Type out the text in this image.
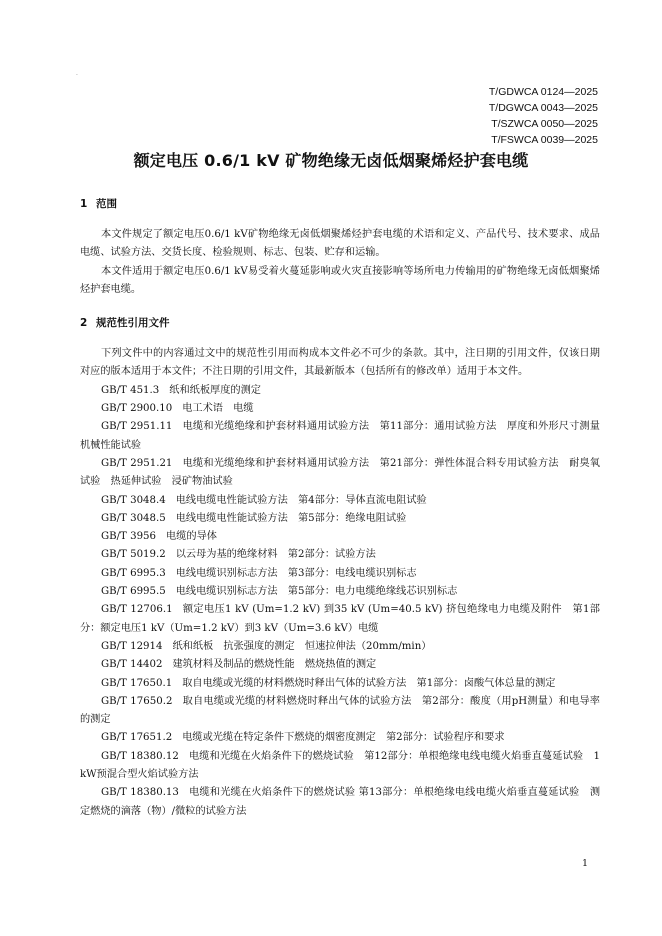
·
T/GDWCA 0124—2025
T/DGWCA 0043—2025
T/SZWCA 0050—2025
T/FSWCA 0039—2025
额定电压 0.6/1 kV 矿物绝缘无卤低烟聚烯烃护套电缆
1 范围

本文件规定了额定电压0.6/1 kV矿物绝缘无卤低烟聚烯烃护套电缆的术语和定义、产品代号、技术要求、成品电缆、试验方法、交货长度、检验规则、标志、包装、贮存和运输。

本文件适用于额定电压0.6/1 kV易受着火蔓延影响或火灾直接影响等场所电力传输用的矿物绝缘无卤低烟聚烯烃护套电缆。

2 规范性引用文件

下列文件中的内容通过文中的规范性引用而构成本文件必不可少的条款。其中，注日期的引用文件，仅该日期对应的版本适用于本文件；不注日期的引用文件，其最新版本（包括所有的修改单）适用于本文件。

GB/T 451.3 纸和纸板厚度的测定

GB/T 2900.10 电工术语　电缆

GB/T 2951.11 电缆和光缆绝缘和护套材料通用试验方法　第11部分：通用试验方法　厚度和外形尺寸测量　机械性能试验

GB/T 2951.21 电缆和光缆绝缘和护套材料通用试验方法　第21部分：弹性体混合料专用试验方法　耐臭氧试验　热延伸试验　浸矿物油试验

GB/T 3048.4 电线电缆电性能试验方法　第4部分：导体直流电阻试验

GB/T 3048.5 电线电缆电性能试验方法　第5部分：绝缘电阻试验

GB/T 3956 电缆的导体

GB/T 5019.2 以云母为基的绝缘材料　第2部分：试验方法

GB/T 6995.3 电线电缆识别标志方法　第3部分：电线电缆识别标志

GB/T 6995.5 电线电缆识别标志方法　第5部分：电力电缆绝缘线芯识别标志

GB/T 12706.1 额定电压1 kV (Um=1.2 kV) 到35 kV (Um=40.5 kV) 挤包绝缘电力电缆及附件　第1部分：额定电压1 kV（Um=1.2 kV）到3 kV（Um=3.6 kV）电缆

GB/T 12914 纸和纸板　抗张强度的测定　恒速拉伸法（20mm/min）

GB/T 14402 建筑材料及制品的燃烧性能　燃烧热值的测定

GB/T 17650.1 取自电缆或光缆的材料燃烧时释出气体的试验方法　第1部分：卤酸气体总量的测定

GB/T 17650.2 取自电缆或光缆的材料燃烧时释出气体的试验方法　第2部分：酸度（用pH测量）和电导率的测定

GB/T 17651.2 电缆或光缆在特定条件下燃烧的烟密度测定　第2部分：试验程序和要求

GB/T 18380.12 电缆和光缆在火焰条件下的燃烧试验　第12部分：单根绝缘电线电缆火焰垂直蔓延试验　1 kW预混合型火焰试验方法

GB/T 18380.13 电缆和光缆在火焰条件下的燃烧试验 第13部分：单根绝缘电线电缆火焰垂直蔓延试验　测定燃烧的滴落（物）/微粒的试验方法

1
